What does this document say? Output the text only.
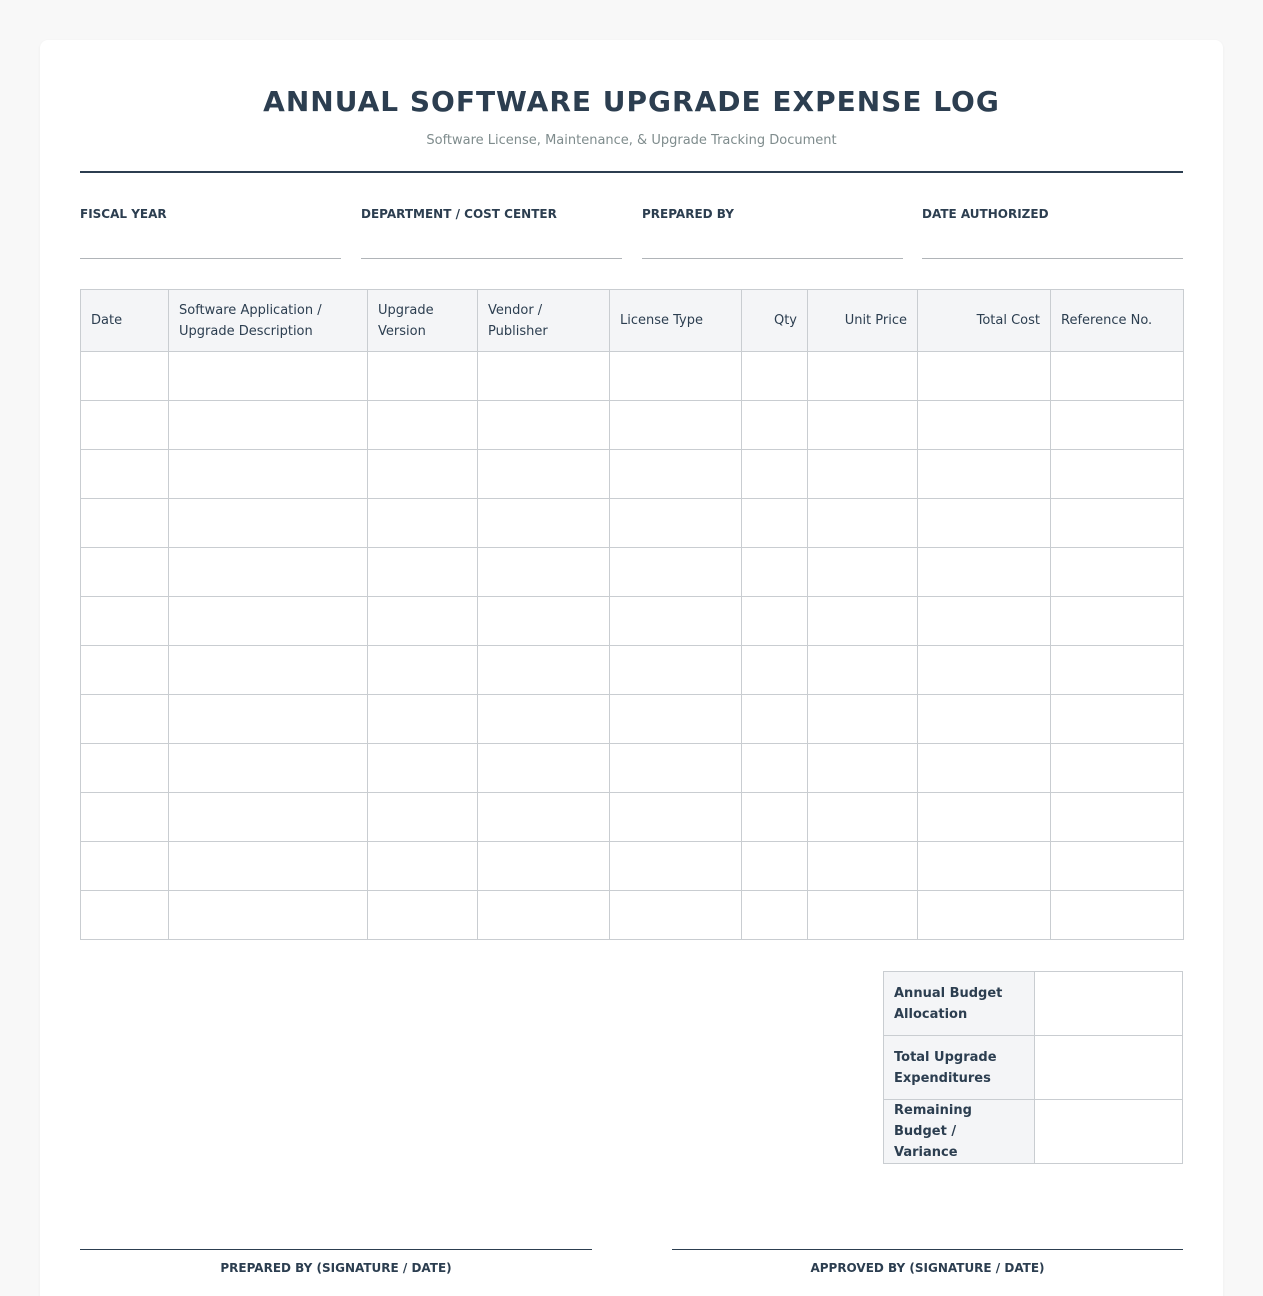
ANNUAL SOFTWARE UPGRADE EXPENSE LOG
Software License, Maintenance, & Upgrade Tracking Document
FISCAL YEAR	DEPARTMENT / COST CENTER	PREPARED BY	DATE AUTHORIZED
Date	Software Application / Upgrade Description	Upgrade Version	Vendor / Publisher	License Type	Qty	Unit Price	Total Cost	Reference No.

Annual Budget Allocation	
Total Upgrade Expenditures	
Remaining Budget / Variance	
PREPARED BY (SIGNATURE / DATE)	APPROVED BY (SIGNATURE / DATE)
